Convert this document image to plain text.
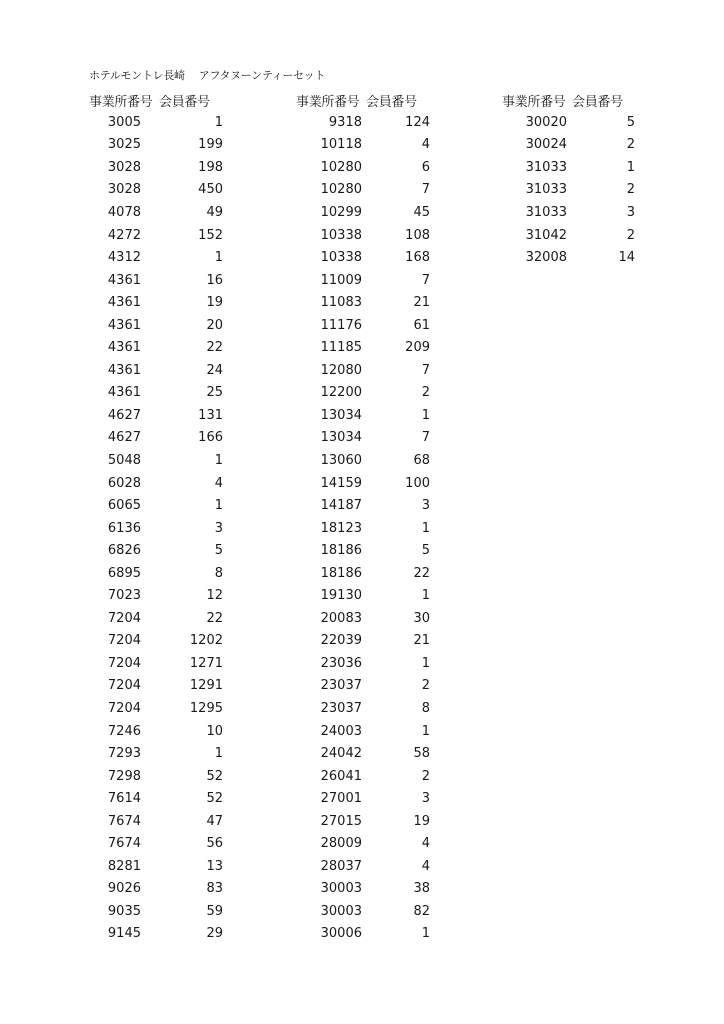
ホテルモントレ長崎 アフタヌーンティーセット
事業所番号 会員番号
3005	1
3025	199
3028	198
3028	450
4078	49
4272	152
4312	1
4361	16
4361	19
4361	20
4361	22
4361	24
4361	25
4627	131
4627	166
5048	1
6028	4
6065	1
6136	3
6826	5
6895	8
7023	12
7204	22
7204	1202
7204	1271
7204	1291
7204	1295
7246	10
7293	1
7298	52
7614	52
7674	47
7674	56
8281	13
9026	83
9035	59
9145	29
事業所番号 会員番号
9318	124
10118	4
10280	6
10280	7
10299	45
10338	108
10338	168
11009	7
11083	21
11176	61
11185	209
12080	7
12200	2
13034	1
13034	7
13060	68
14159	100
14187	3
18123	1
18186	5
18186	22
19130	1
20083	30
22039	21
23036	1
23037	2
23037	8
24003	1
24042	58
26041	2
27001	3
27015	19
28009	4
28037	4
30003	38
30003	82
30006	1
事業所番号 会員番号
30020	5
30024	2
31033	1
31033	2
31033	3
31042	2
32008	14
